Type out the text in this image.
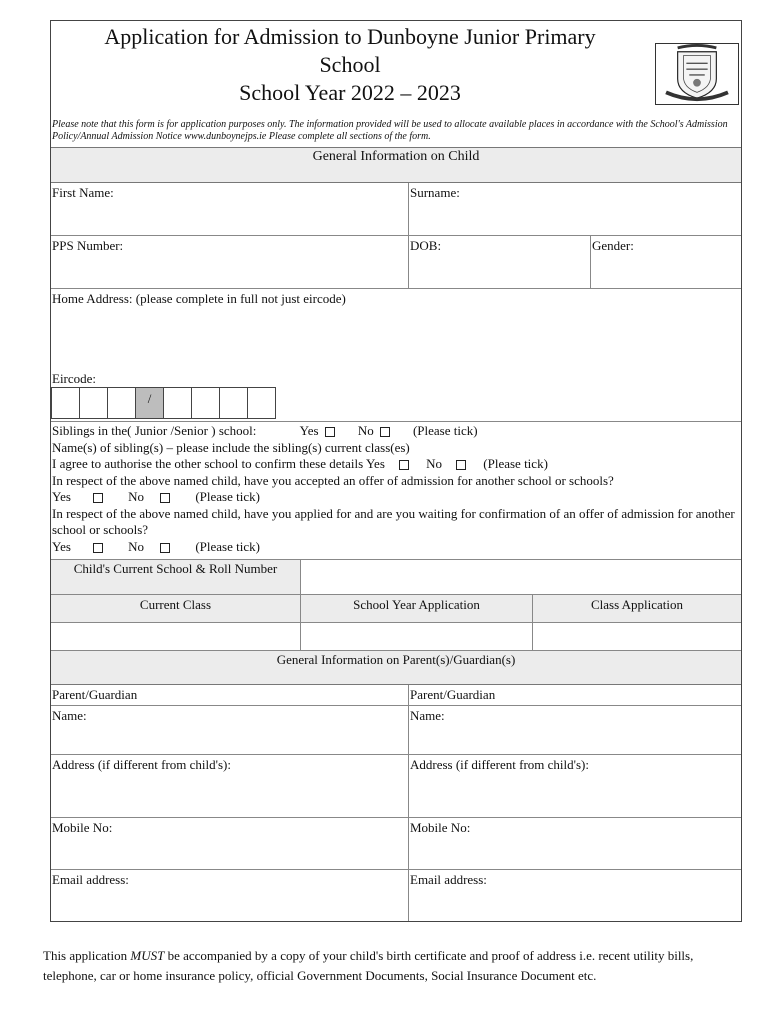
Application for Admission to Dunboyne Junior Primary
School
School Year 2022 – 2023
Please note that this form is for application purposes only. The information provided will be used to allocate available places in accordance with the School's Admission Policy/Annual Admission Notice www.dunboynejps.ie Please complete all sections of the form.
General Information on Child
First Name:	Surname:
PPS Number:	DOB:	Gender:
Home Address: (please complete in full not just eircode)
Eircode:
/
Siblings in the( Junior /Senior ) school:	Yes	No	(Please tick)
Name(s) of sibling(s) – please include the sibling(s) current class(es)
I agree to authorise the other school to confirm these details Yes	No	(Please tick)
In respect of the above named child, have you accepted an offer of admission for another school or schools?
Yes	No	(Please tick)
In respect of the above named child, have you applied for and are you waiting for confirmation of an offer of admission for another school or schools?
Yes	No	(Please tick)
Child's Current School & Roll Number
Current Class	School Year Application	Class Application
General Information on Parent(s)/Guardian(s)
Parent/Guardian	Parent/Guardian
Name:	Name:
Address (if different from child's):	Address (if different from child's):
Mobile No:	Mobile No:
Email address:	Email address:
This application MUST be accompanied by a copy of your child's birth certificate and proof of address i.e. recent utility bills, telephone, car or home insurance policy, official Government Documents, Social Insurance Document etc.
